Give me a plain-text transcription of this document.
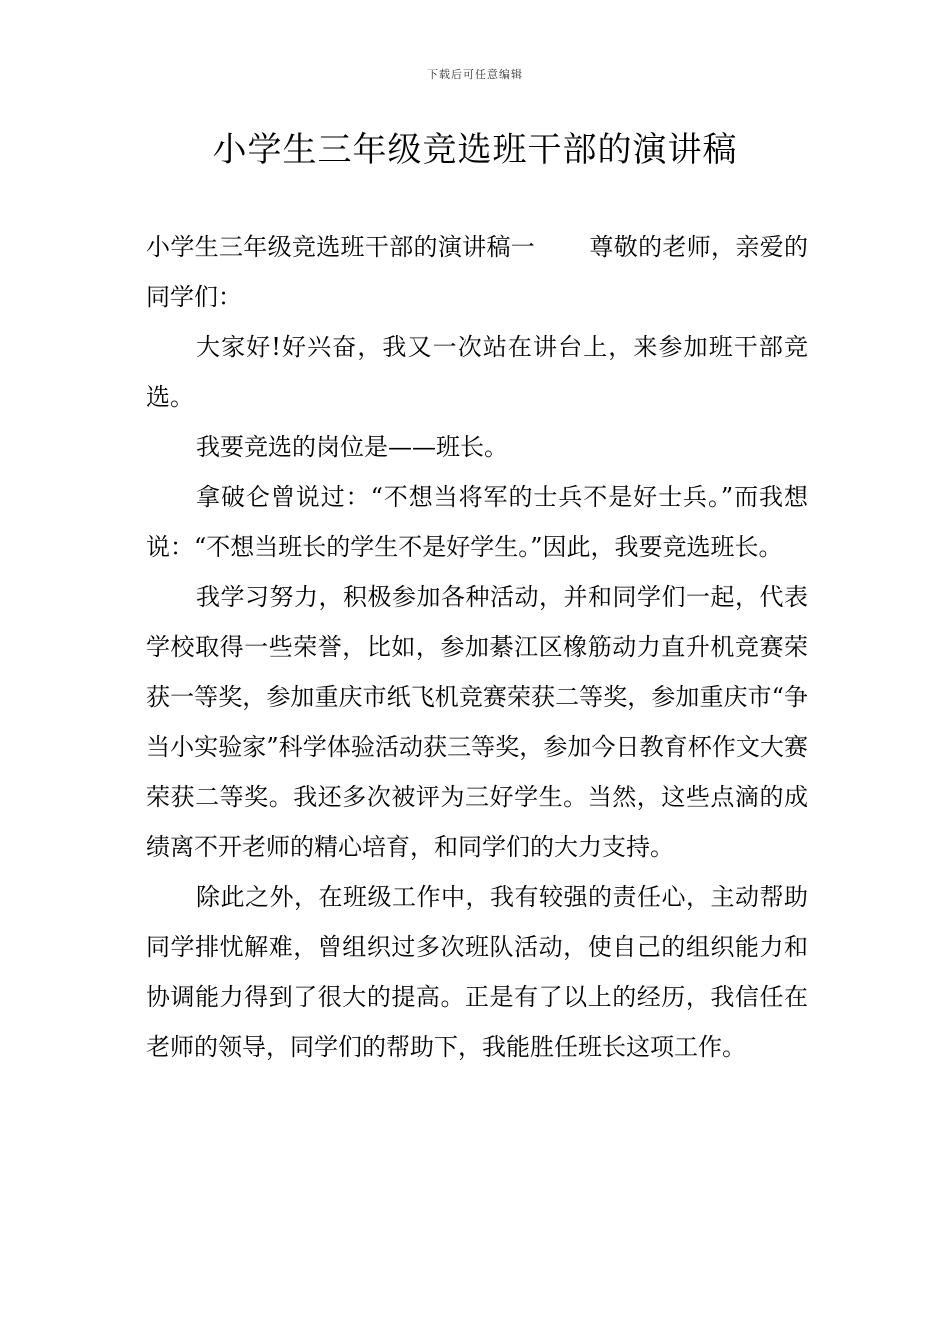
下载后可任意编辑
小学生三年级竞选班干部的演讲稿

小学生三年级竞选班干部的演讲稿一 尊敬的老师，亲爱的同学们：

大家好!好兴奋，我又一次站在讲台上，来参加班干部竞选。

我要竞选的岗位是——班长。

拿破仑曾说过：“不想当将军的士兵不是好士兵。”而我想说：“不想当班长的学生不是好学生。”因此，我要竞选班长。

我学习努力，积极参加各种活动，并和同学们一起，代表学校取得一些荣誉，比如，参加綦江区橡筋动力直升机竞赛荣获一等奖，参加重庆市纸飞机竞赛荣获二等奖，参加重庆市“争当小实验家”科学体验活动获三等奖，参加今日教育杯作文大赛荣获二等奖。我还多次被评为三好学生。当然，这些点滴的成绩离不开老师的精心培育，和同学们的大力支持。

除此之外，在班级工作中，我有较强的责任心，主动帮助同学排忧解难，曾组织过多次班队活动，使自己的组织能力和协调能力得到了很大的提高。正是有了以上的经历，我信任在老师的领导，同学们的帮助下，我能胜任班长这项工作。
